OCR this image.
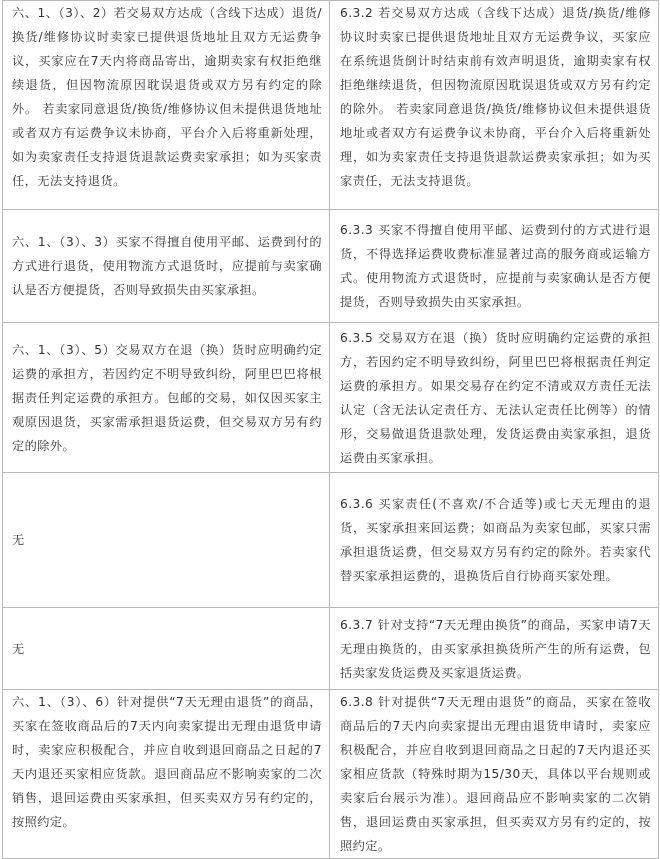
六、1、（3）、2）若交易双方达成（含线下达成）退货/换货/维修协议时卖家已提供退货地址且双方无运费争议，买家应在7天内将商品寄出，逾期卖家有权拒绝继续退货，但因物流原因耽误退货或双方另有约定的除外。 若卖家同意退货/换货/维修协议但未提供退货地址或者双方有运费争议未协商，平台介入后将重新处理，如为卖家责任支持退货退款运费卖家承担；如为买家责任，无法支持退货。	6.3.2 若交易双方达成（含线下达成）退货/换货/维修协议时卖家已提供退货地址且双方无运费争议，买家应在系统退货倒计时结束前有效声明退货，逾期卖家有权拒绝继续退货，但因物流原因耽误退货或双方另有约定的除外。 若卖家同意退货/换货/维修协议但未提供退货地址或者双方有运费争议未协商，平台介入后将重新处理，如为卖家责任支持退货退款运费卖家承担；如为买家责任，无法支持退货。
六、1、（3）、3）买家不得擅自使用平邮、运费到付的方式进行退货，使用物流方式退货时，应提前与卖家确认是否方便提货，否则导致损失由买家承担。	6.3.3 买家不得擅自使用平邮、运费到付的方式进行退货，不得选择运费收费标准显著过高的服务商或运输方式。使用物流方式退货时，应提前与卖家确认是否方便提货，否则导致损失由买家承担。
六、1、（3）、5）交易双方在退（换）货时应明确约定运费的承担方，若因约定不明导致纠纷，阿里巴巴将根据责任判定运费的承担方。包邮的交易，如仅因买家主观原因退货，买家需承担退货运费，但交易双方另有约定的除外。	6.3.5 交易双方在退（换）货时应明确约定运费的承担方，若因约定不明导致纠纷，阿里巴巴将根据责任判定运费的承担方。如果交易存在约定不清或双方责任无法认定（含无法认定责任方、无法认定责任比例等）的情形，交易做退货退款处理，发货运费由卖家承担，退货运费由买家承担。
无	6.3.6 买家责任(不喜欢/不合适等)或七天无理由的退货，买家承担来回运费；如商品为卖家包邮，买家只需承担退货运费，但交易双方另有约定的除外。若卖家代替买家承担运费的，退换货后自行协商买家处理。
无	6.3.7 针对支持“7天无理由换货”的商品，买家申请7天无理由换货的，由买家承担换货所产生的所有运费，包括卖家发货运费及买家退货运费。
六、1、（3）、6）针对提供“7天无理由退货”的商品，买家在签收商品后的7天内向卖家提出无理由退货申请时，卖家应积极配合，并应自收到退回商品之日起的7天内退还买家相应货款。退回商品应不影响卖家的二次销售，退回运费由买家承担，但买卖双方另有约定的，按照约定。	6.3.8 针对提供“7天无理由退货”的商品，买家在签收商品后的7天内向卖家提出无理由退货申请时，卖家应积极配合，并应自收到退回商品之日起的7天内退还买家相应货款（特殊时期为15/30天，具体以平台规则或卖家后台展示为准）。退回商品应不影响卖家的二次销售，退回运费由买家承担，但买卖双方另有约定的，按照约定。
